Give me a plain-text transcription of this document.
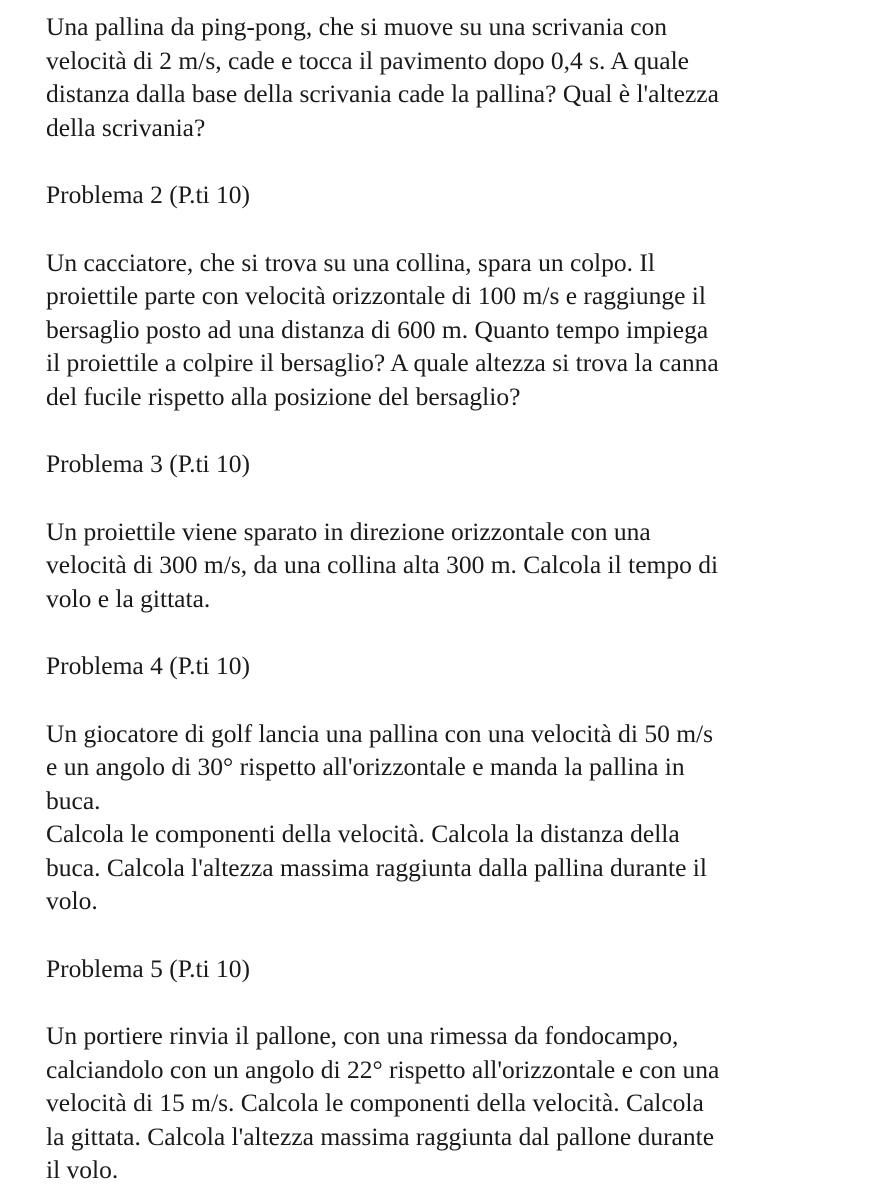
Una pallina da ping-pong, che si muove su una scrivania con
velocità di 2 m/s, cade e tocca il pavimento dopo 0,4 s. A quale
distanza dalla base della scrivania cade la pallina? Qual è l'altezza
della scrivania?
Problema 2 (P.ti 10)
Un cacciatore, che si trova su una collina, spara un colpo. Il
proiettile parte con velocità orizzontale di 100 m/s e raggiunge il
bersaglio posto ad una distanza di 600 m. Quanto tempo impiega
il proiettile a colpire il bersaglio? A quale altezza si trova la canna
del fucile rispetto alla posizione del bersaglio?
Problema 3 (P.ti 10)
Un proiettile viene sparato in direzione orizzontale con una
velocità di 300 m/s, da una collina alta 300 m. Calcola il tempo di
volo e la gittata.
Problema 4 (P.ti 10)
Un giocatore di golf lancia una pallina con una velocità di 50 m/s
e un angolo di 30° rispetto all'orizzontale e manda la pallina in
buca.
Calcola le componenti della velocità. Calcola la distanza della
buca. Calcola l'altezza massima raggiunta dalla pallina durante il
volo.
Problema 5 (P.ti 10)
Un portiere rinvia il pallone, con una rimessa da fondocampo,
calciandolo con un angolo di 22° rispetto all'orizzontale e con una
velocità di 15 m/s. Calcola le componenti della velocità. Calcola
la gittata. Calcola l'altezza massima raggiunta dal pallone durante
il volo.
